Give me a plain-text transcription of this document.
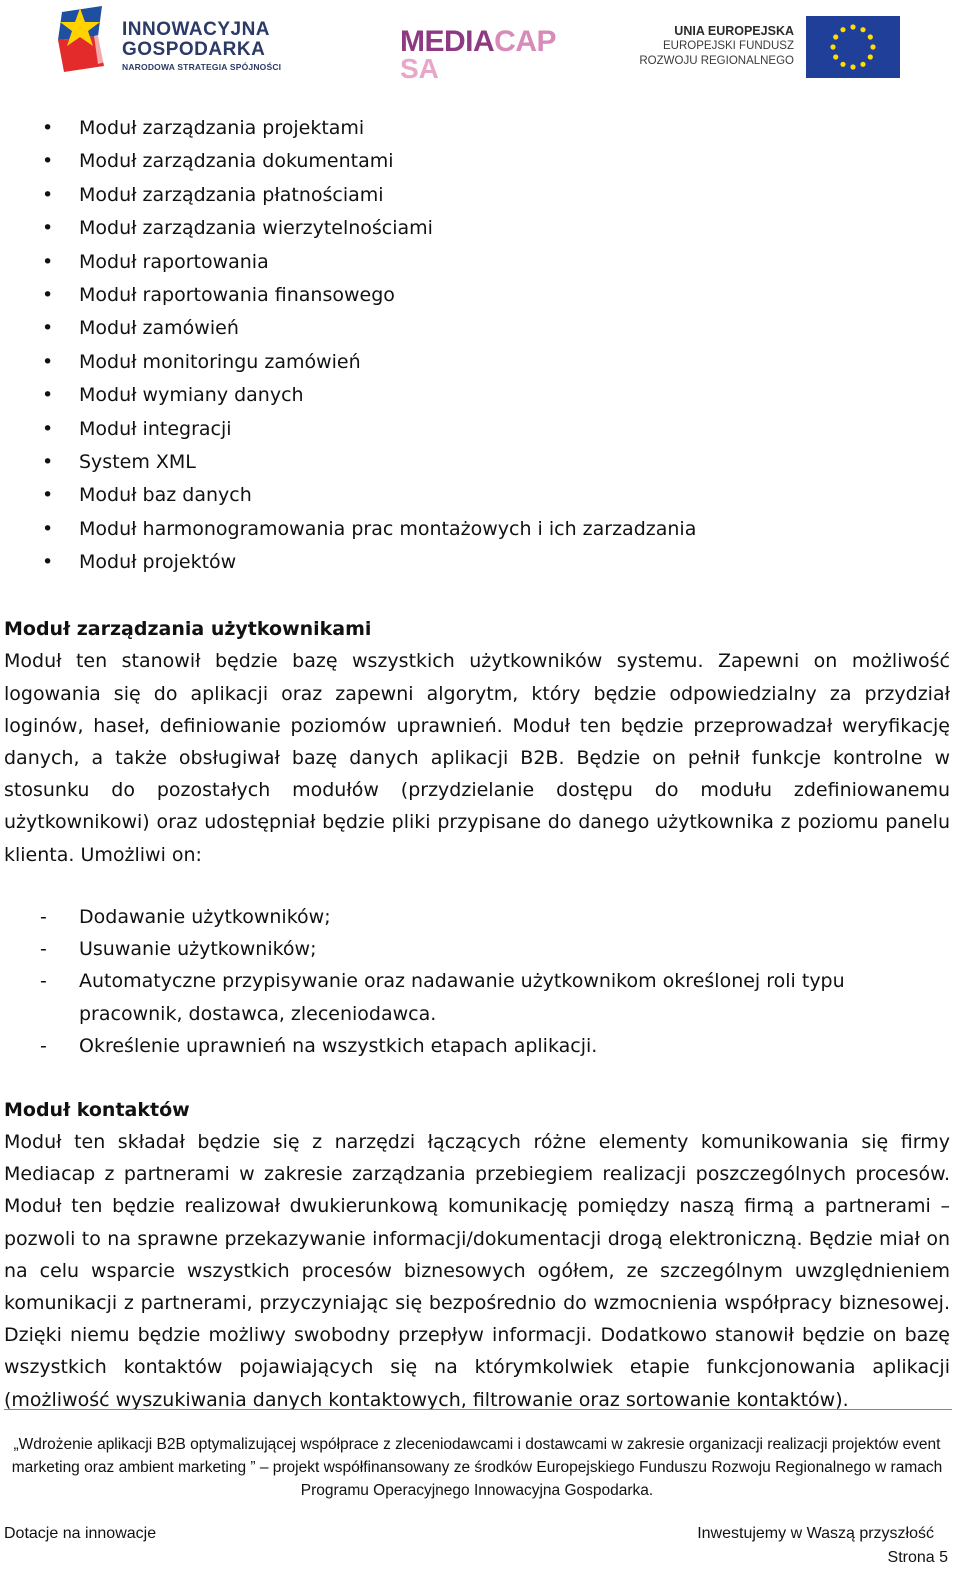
INNOWACYJNA
GOSPODARKA
NARODOWA STRATEGIA SPÓJNOŚCI
MEDIACAP
SA
UNIA EUROPEJSKA
EUROPEJSKI FUNDUSZ
ROZWOJU REGIONALNEGO
• Moduł zarządzania projektami
• Moduł zarządzania dokumentami
• Moduł zarządzania płatnościami
• Moduł zarządzania wierzytelnościami
• Moduł raportowania
• Moduł raportowania finansowego
• Moduł zamówień
• Moduł monitoringu zamówień
• Moduł wymiany danych
• Moduł integracji
• System XML
• Moduł baz danych
• Moduł harmonogramowania prac montażowych i ich zarzadzania
• Moduł projektów
Moduł zarządzania użytkownikami

Moduł ten stanowił będzie bazę wszystkich użytkowników systemu. Zapewni on możliwość logowania się do aplikacji oraz zapewni algorytm, który będzie odpowiedzialny za przydział loginów, haseł, definiowanie poziomów uprawnień. Moduł ten będzie przeprowadzał weryfikację danych, a także obsługiwał bazę danych aplikacji B2B. Będzie on pełnił funkcje kontrolne w stosunku do pozostałych modułów (przydzielanie dostępu do modułu zdefiniowanemu użytkownikowi) oraz udostępniał będzie pliki przypisane do danego użytkownika z poziomu panelu klienta. Umożliwi on:

- Dodawanie użytkowników;
- Usuwanie użytkowników;
- Automatyczne przypisywanie oraz nadawanie użytkownikom określonej roli typu pracownik, dostawca, zleceniodawca.
- Określenie uprawnień na wszystkich etapach aplikacji.
Moduł kontaktów

Moduł ten składał będzie się z narzędzi łączących różne elementy komunikowania się firmy Mediacap z partnerami w zakresie zarządzania przebiegiem realizacji poszczególnych procesów. Moduł ten będzie realizował dwukierunkową komunikację pomiędzy naszą firmą a partnerami – pozwoli to na sprawne przekazywanie informacji/dokumentacji drogą elektroniczną. Będzie miał on na celu wsparcie wszystkich procesów biznesowych ogółem, ze szczególnym uwzględnieniem komunikacji z partnerami, przyczyniając się bezpośrednio do wzmocnienia współpracy biznesowej. Dzięki niemu będzie możliwy swobodny przepływ informacji. Dodatkowo stanowił będzie on bazę wszystkich kontaktów pojawiających się na którymkolwiek etapie funkcjonowania aplikacji (możliwość wyszukiwania danych kontaktowych, filtrowanie oraz sortowanie kontaktów).

„Wdrożenie aplikacji B2B optymalizującej współprace z zleceniodawcami i dostawcami w zakresie organizacji realizacji projektów event marketing oraz ambient marketing ” – projekt współfinansowany ze środków Europejskiego Funduszu Rozwoju Regionalnego w ramach Programu Operacyjnego Innowacyjna Gospodarka.
Dotacje na innowacje	Inwestujemy w Waszą przyszłość
Strona 5
